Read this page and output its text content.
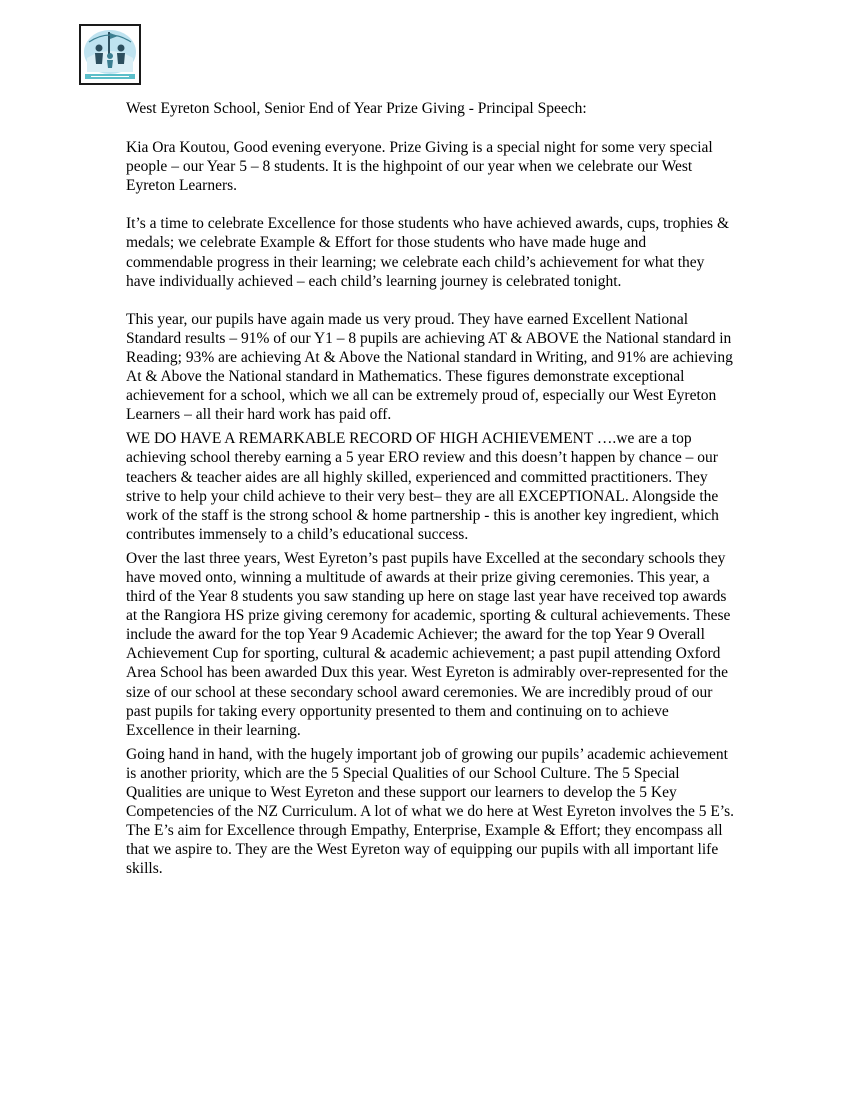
West Eyreton School, Senior End of Year Prize Giving - Principal Speech:

Kia Ora Koutou, Good evening everyone. Prize Giving is a special night for some very special people – our Year 5 – 8 students. It is the highpoint of our year when we celebrate our West Eyreton Learners.

It’s a time to celebrate Excellence for those students who have achieved awards, cups, trophies & medals; we celebrate Example & Effort for those students who have made huge and commendable progress in their learning; we celebrate each child’s achievement for what they have individually achieved – each child’s learning journey is celebrated tonight.

This year, our pupils have again made us very proud. They have earned Excellent National Standard results – 91% of our Y1 – 8 pupils are achieving AT & ABOVE the National standard in Reading; 93% are achieving At & Above the National standard in Writing, and 91% are achieving At & Above the National standard in Mathematics. These figures demonstrate exceptional achievement for a school, which we all can be extremely proud of, especially our West Eyreton Learners – all their hard work has paid off.

WE DO HAVE A REMARKABLE RECORD OF HIGH ACHIEVEMENT ….we are a top achieving school thereby earning a 5 year ERO review and this doesn’t happen by chance – our teachers & teacher aides are all highly skilled, experienced and committed practitioners. They strive to help your child achieve to their very best– they are all EXCEPTIONAL. Alongside the work of the staff is the strong school & home partnership - this is another key ingredient, which contributes immensely to a child’s educational success.

Over the last three years, West Eyreton’s past pupils have Excelled at the secondary schools they have moved onto, winning a multitude of awards at their prize giving ceremonies. This year, a third of the Year 8 students you saw standing up here on stage last year have received top awards at the Rangiora HS prize giving ceremony for academic, sporting & cultural achievements. These include the award for the top Year 9 Academic Achiever; the award for the top Year 9 Overall Achievement Cup for sporting, cultural & academic achievement; a past pupil attending Oxford Area School has been awarded Dux this year. West Eyreton is admirably over-represented for the size of our school at these secondary school award ceremonies. We are incredibly proud of our past pupils for taking every opportunity presented to them and continuing on to achieve Excellence in their learning.

Going hand in hand, with the hugely important job of growing our pupils’ academic achievement is another priority, which are the 5 Special Qualities of our School Culture. The 5 Special Qualities are unique to West Eyreton and these support our learners to develop the 5 Key Competencies of the NZ Curriculum. A lot of what we do here at West Eyreton involves the 5 E’s. The E’s aim for Excellence through Empathy, Enterprise, Example & Effort; they encompass all that we aspire to. They are the West Eyreton way of equipping our pupils with all important life skills.
